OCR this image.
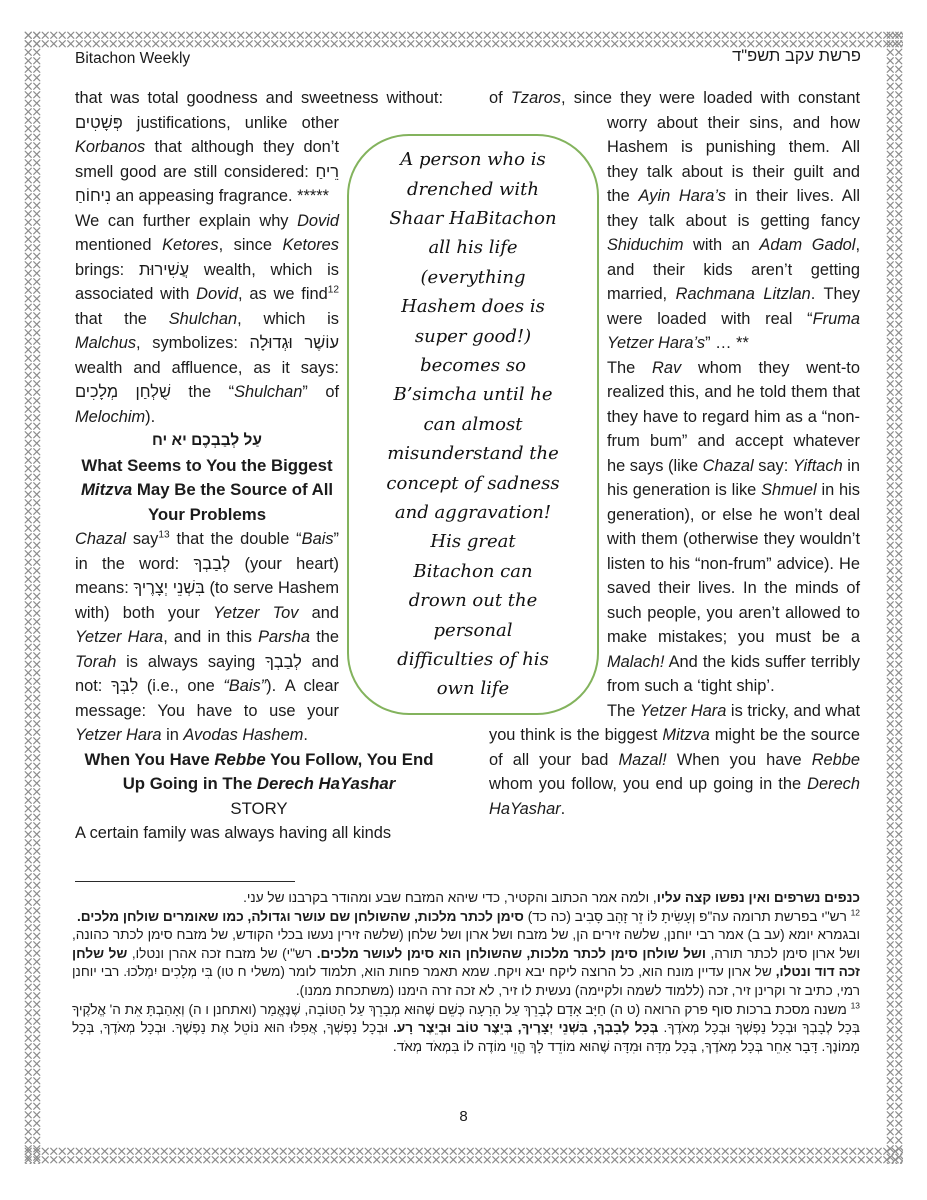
Bitachon Weekly	פרשת עקב תשפ"ד
that was total goodness and sweetness without: פְּשָׁטִים justifications, unlike other Korbanos that although they don’t smell good are still considered: רֵיחַ נִיחוֹחַ an appeasing fragrance. *****
We can further explain why Dovid mentioned Ketores, since Ketores brings: עֲשִׁירוּת wealth, which is associated with Dovid, as we find$^{12}$ that the Shulchan, which is Malchus, symbolizes: עוֹשֶׁר וּגְדוּלָה wealth and affluence, as it says: שֻׁלְחַן מְלָכִים the “Shulchan” of Melochim).
עַל לְבַבְכֶם יא יח
What Seems to You the Biggest Mitzva May Be the Source of All Your Problems
Chazal say$^{13}$ that the double “Bais” in the word: לְבַבְךָ (your heart) means: בִּשְׁנֵי יְצָרֶיךָ (to serve Hashem with) both your Yetzer Tov and Yetzer Hara, and in this Parsha the Torah is always saying לְבַבְךָ and not: לִבְּךָ (i.e., one “Bais”). A clear message: You have to use your Yetzer Hara in Avodas Hashem.
When You Have Rebbe You Follow, You End Up Going in The Derech HaYashar
STORY
A certain family was always having all kinds
of Tzaros, since they were loaded with constant worry about their sins, and how Hashem is punishing them. All they talk about is their guilt and the Ayin Hara’s in their lives. All they talk about is getting fancy Shiduchim with an Adam Gadol, and their kids aren’t getting married, Rachmana Litzlan. They were loaded with real “Fruma Yetzer Hara’s” … **
The Rav whom they went-to realized this, and he told them that they have to regard him as a “non-frum bum” and accept whatever he says (like Chazal say: Yiftach in his generation is like Shmuel in his generation), or else he won’t deal with them (otherwise they wouldn’t listen to his “non-frum” advice). He saved their lives. In the minds of such people, you aren’t allowed to make mistakes; you must be a Malach! And the kids suffer terribly from such a ‘tight ship’.
The Yetzer Hara is tricky, and what you think is the biggest Mitzva might be the source of all your bad Mazal! When you have Rebbe whom you follow, you end up going in the Derech HaYashar.
A person who is
drenched with
Shaar HaBitachon
all his life
(everything
Hashem does is
super good!)
becomes so
B’simcha until he
can almost
misunderstand the
concept of sadness
and aggravation!
His great
Bitachon can
drown out the
personal
difficulties of his
own life
כנפים נשרפים ואין נפשו קצה עליו, ולמה אמר הכתוב והקטיר, כדי שיהא המזבח שבע ומהודר בקרבנו של עני.
$^{12}$ רש"י בפרשת תרומה עה"פ וְעָשִׂיתָ לּוֹ זֵר זָהָב סָבִיב (כה כד) סימן לכתר מלכות, שהשולחן שם עושר וגדולה, כמו שאומרים שולחן מלכים.
ובגמרא יומא (עב ב) אמר רבי יוחנן, שלשה זירים הן, של מזבח ושל ארון ושל שלחן (שלשה זירין נעשו בכלי הקודש, של מזבח סימן לכתר כהונה, ושל ארון סימן לכתר תורה, ושל שולחן סימן לכתר מלכות, שהשולחן הוא סימן לעושר מלכים. רש"י) של מזבח זכה אהרן ונטלו, של שלחן זכה דוד ונטלו, של ארון עדיין מונח הוא, כל הרוצה ליקח יבא ויקח. שמא תאמר פחות הוא, תלמוד לומר (משלי ח טו) בִּי מְלָכִים יִמְלֹכוּ. רבי יוחנן רמי, כתיב זר וקרינן זיר, זכה (ללמוד לשמה ולקיימה) נעשית לו זיר, לא זכה זרה הימנו (משתכחת ממנו).
$^{13}$ משנה מסכת ברכות סוף פרק הרואה (ט ה) חַיָּב אָדָם לְבָרֵךְ עַל הָרָעָה כְּשֵׁם שֶׁהוּא מְבָרֵךְ עַל הַטּוֹבָה, שֶׁנֶּאֱמַר (ואתחנן ו ה) וְאָהַבְתָּ אֵת ה' אֱלֹקֶיךָ בְּכָל לְבָבְךָ וּבְכָל נַפְשְׁךָ וּבְכָל מְאֹדֶךָ. בְּכָל לְבָבְךָ, בִּשְׁנֵי יְצָרֶיךָ, בְּיֵצֶר טוֹב וּבְיֵצֶר רָע. וּבְכָל נַפְשְׁךָ, אֲפִלּוּ הוּא נוֹטֵל אֶת נַפְשֶׁךָ. וּבְכָל מְאֹדֶךָ, בְּכָל מָמוֹנֶךָ. דָּבָר אַחֵר בְּכָל מְאֹדֶךָ, בְּכָל מִדָּה וּמִדָּה שֶׁהוּא מוֹדֵד לָךְ הֱוֵי מוֹדֶה לוֹ בִּמְאֹד מְאֹד.
8
